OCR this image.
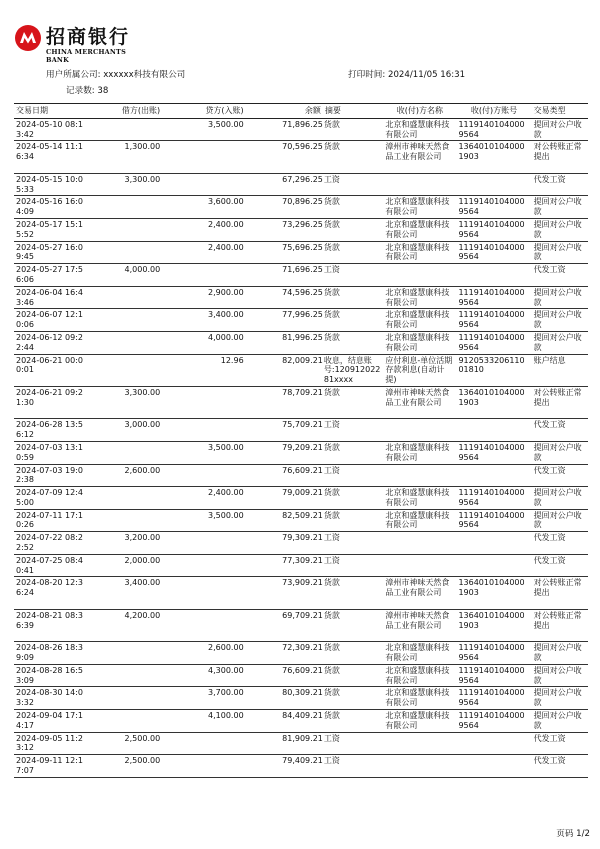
招商银行
CHINA MERCHANTS BANK
用户所属公司: xxxxxx科技有限公司	打印时间: 2024/11/05 16:31
记录数: 38
交易日期	借方(出账)	贷方(入账)	余额	摘要	收(付)方名称	收(付)方账号	交易类型
2024-05-10 08:13:42		3,500.00	71,896.25	货款	北京和盛慧康科技有限公司	11191401040009564	提回对公户收款
2024-05-14 11:16:34	1,300.00		70,596.25	货款	漳州市神味天然食品工业有限公司	13640101040001903	对公转账正常提出
2024-05-15 10:05:33	3,300.00		67,296.25	工资			代发工资
2024-05-16 16:04:09		3,600.00	70,896.25	货款	北京和盛慧康科技有限公司	11191401040009564	提回对公户收款
2024-05-17 15:15:52		2,400.00	73,296.25	货款	北京和盛慧康科技有限公司	11191401040009564	提回对公户收款
2024-05-27 16:09:45		2,400.00	75,696.25	货款	北京和盛慧康科技有限公司	11191401040009564	提回对公户收款
2024-05-27 17:56:06	4,000.00		71,696.25	工资			代发工资
2024-06-04 16:43:46		2,900.00	74,596.25	货款	北京和盛慧康科技有限公司	11191401040009564	提回对公户收款
2024-06-07 12:10:06		3,400.00	77,996.25	货款	北京和盛慧康科技有限公司	11191401040009564	提回对公户收款
2024-06-12 09:22:44		4,000.00	81,996.25	货款	北京和盛慧康科技有限公司	11191401040009564	提回对公户收款
2024-06-21 00:00:01		12.96	82,009.21	收息，结息账号:12091202281xxxx	应付利息-单位活期存款利息(自动计提)	912053320611001810	账户结息
2024-06-21 09:21:30	3,300.00		78,709.21	货款	漳州市神味天然食品工业有限公司	13640101040001903	对公转账正常提出
2024-06-28 13:56:12	3,000.00		75,709.21	工资			代发工资
2024-07-03 13:10:59		3,500.00	79,209.21	货款	北京和盛慧康科技有限公司	11191401040009564	提回对公户收款
2024-07-03 19:02:38	2,600.00		76,609.21	工资			代发工资
2024-07-09 12:45:00		2,400.00	79,009.21	货款	北京和盛慧康科技有限公司	11191401040009564	提回对公户收款
2024-07-11 17:10:26		3,500.00	82,509.21	货款	北京和盛慧康科技有限公司	11191401040009564	提回对公户收款
2024-07-22 08:22:52	3,200.00		79,309.21	工资			代发工资
2024-07-25 08:40:41	2,000.00		77,309.21	工资			代发工资
2024-08-20 12:36:24	3,400.00		73,909.21	货款	漳州市神味天然食品工业有限公司	13640101040001903	对公转账正常提出
2024-08-21 08:36:39	4,200.00		69,709.21	货款	漳州市神味天然食品工业有限公司	13640101040001903	对公转账正常提出
2024-08-26 18:39:09		2,600.00	72,309.21	货款	北京和盛慧康科技有限公司	11191401040009564	提回对公户收款
2024-08-28 16:53:09		4,300.00	76,609.21	货款	北京和盛慧康科技有限公司	11191401040009564	提回对公户收款
2024-08-30 14:03:32		3,700.00	80,309.21	货款	北京和盛慧康科技有限公司	11191401040009564	提回对公户收款
2024-09-04 17:14:17		4,100.00	84,409.21	货款	北京和盛慧康科技有限公司	11191401040009564	提回对公户收款
2024-09-05 11:23:12	2,500.00		81,909.21	工资			代发工资
2024-09-11 12:17:07	2,500.00		79,409.21	工资			代发工资
页码 1/2
